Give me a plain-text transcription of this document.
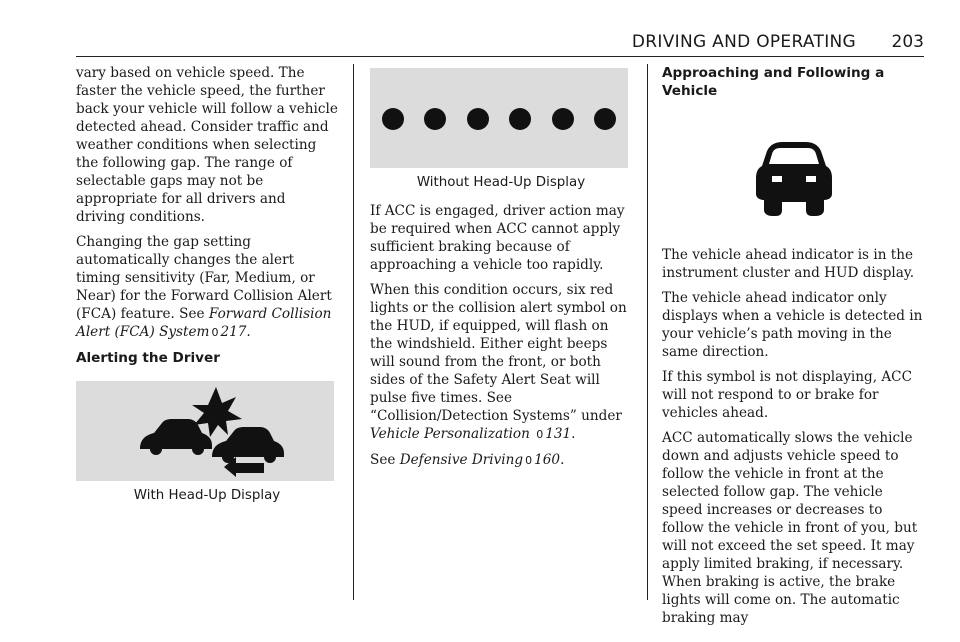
DRIVING AND OPERATING 203

vary based on vehicle speed. The faster the vehicle speed, the further back your vehicle will follow a vehicle detected ahead. Consider traffic and weather conditions when selecting the following gap. The range of selectable gaps may not be appropriate for all drivers and driving conditions.

Changing the gap setting automatically changes the alert timing sensitivity (Far, Medium, or Near) for the Forward Collision Alert (FCA) feature. See Forward Collision Alert (FCA) System 0 217.

Alerting the Driver
With Head-Up Display
Without Head-Up Display

If ACC is engaged, driver action may be required when ACC cannot apply sufficient braking because of approaching a vehicle too rapidly.

When this condition occurs, six red lights or the collision alert symbol on the HUD, if equipped, will flash on the windshield. Either eight beeps will sound from the front, or both sides of the Safety Alert Seat will pulse five times. See “Collision/Detection Systems” under Vehicle Personalization 0 131.

See Defensive Driving 0 160.

Approaching and Following a Vehicle

The vehicle ahead indicator is in the instrument cluster and HUD display.

The vehicle ahead indicator only displays when a vehicle is detected in your vehicle’s path moving in the same direction.

If this symbol is not displaying, ACC will not respond to or brake for vehicles ahead.

ACC automatically slows the vehicle down and adjusts vehicle speed to follow the vehicle in front at the selected follow gap. The vehicle speed increases or decreases to follow the vehicle in front of you, but will not exceed the set speed. It may apply limited braking, if necessary. When braking is active, the brake lights will come on. The automatic braking may
